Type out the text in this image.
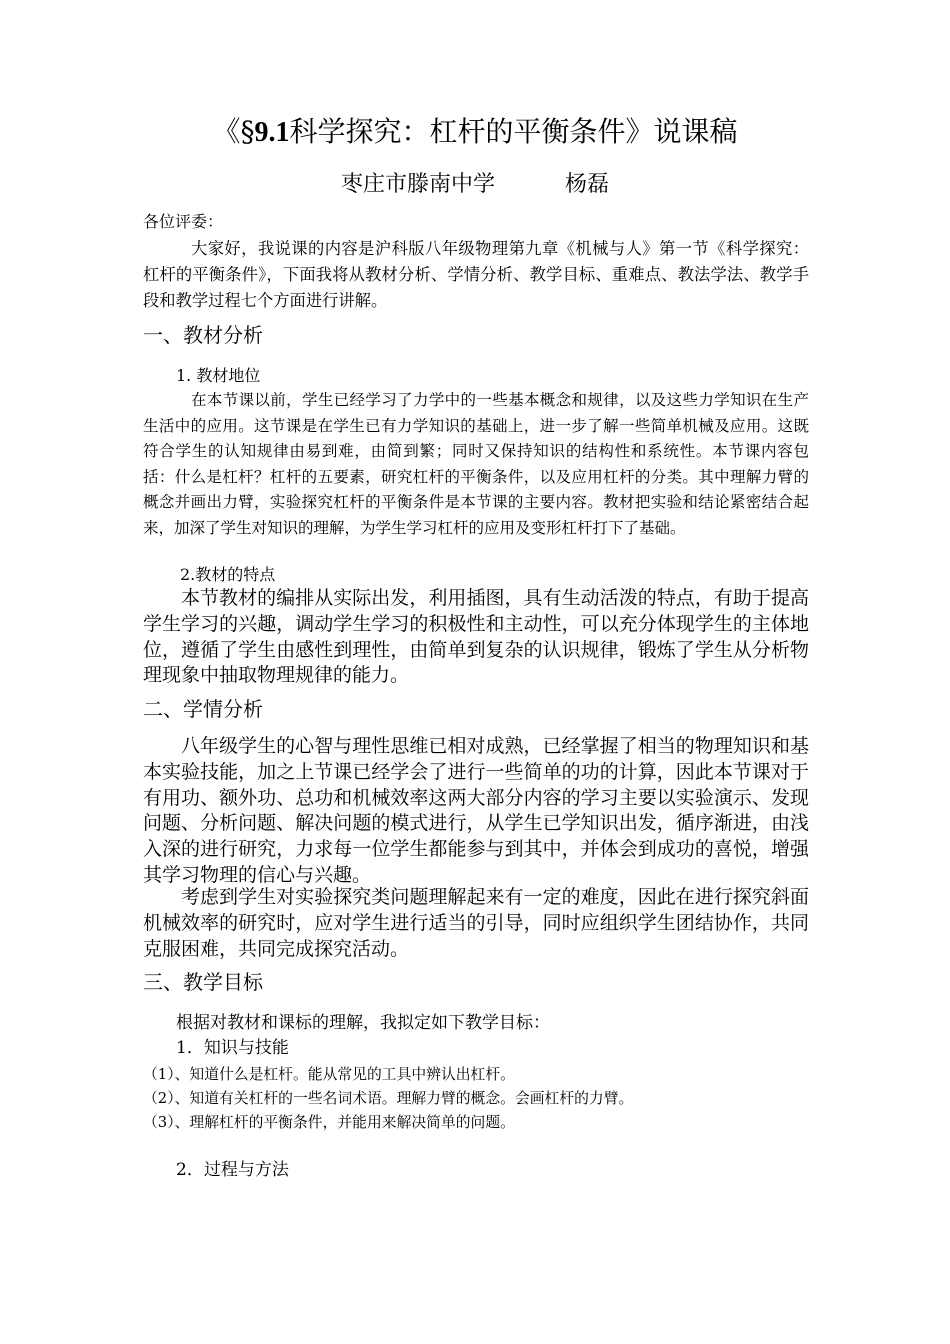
《§9.1科学探究：杠杆的平衡条件》说课稿
枣庄市滕南中学	杨磊
各位评委：
大家好，我说课的内容是沪科版八年级物理第九章《机械与人》第一节《科学探究：杠杆的平衡条件》，下面我将从教材分析、学情分析、教学目标、重难点、教法学法、教学手段和教学过程七个方面进行讲解。
一、教材分析
1. 教材地位
在本节课以前，学生已经学习了力学中的一些基本概念和规律，以及这些力学知识在生产生活中的应用。这节课是在学生已有力学知识的基础上，进一步了解一些简单机械及应用。这既符合学生的认知规律由易到难，由简到繁；同时又保持知识的结构性和系统性。本节课内容包括：什么是杠杆？杠杆的五要素，研究杠杆的平衡条件，以及应用杠杆的分类。其中理解力臂的概念并画出力臂，实验探究杠杆的平衡条件是本节课的主要内容。教材把实验和结论紧密结合起来，加深了学生对知识的理解，为学生学习杠杆的应用及变形杠杆打下了基础。
2.教材的特点
本节教材的编排从实际出发，利用插图，具有生动活泼的特点，有助于提高学生学习的兴趣，调动学生学习的积极性和主动性，可以充分体现学生的主体地位，遵循了学生由感性到理性，由简单到复杂的认识规律，锻炼了学生从分析物理现象中抽取物理规律的能力。
二、学情分析
八年级学生的心智与理性思维已相对成熟，已经掌握了相当的物理知识和基本实验技能，加之上节课已经学会了进行一些简单的功的计算，因此本节课对于有用功、额外功、总功和机械效率这两大部分内容的学习主要以实验演示、发现问题、分析问题、解决问题的模式进行，从学生已学知识出发，循序渐进，由浅入深的进行研究，力求每一位学生都能参与到其中，并体会到成功的喜悦，增强其学习物理的信心与兴趣。
考虑到学生对实验探究类问题理解起来有一定的难度，因此在进行探究斜面机械效率的研究时，应对学生进行适当的引导，同时应组织学生团结协作，共同克服困难，共同完成探究活动。
三、教学目标
根据对教材和课标的理解，我拟定如下教学目标：
1．知识与技能
（1）、知道什么是杠杆。能从常见的工具中辨认出杠杆。
（2）、知道有关杠杆的一些名词术语。理解力臂的概念。会画杠杆的力臂。
（3）、理解杠杆的平衡条件，并能用来解决简单的问题。
2．过程与方法
